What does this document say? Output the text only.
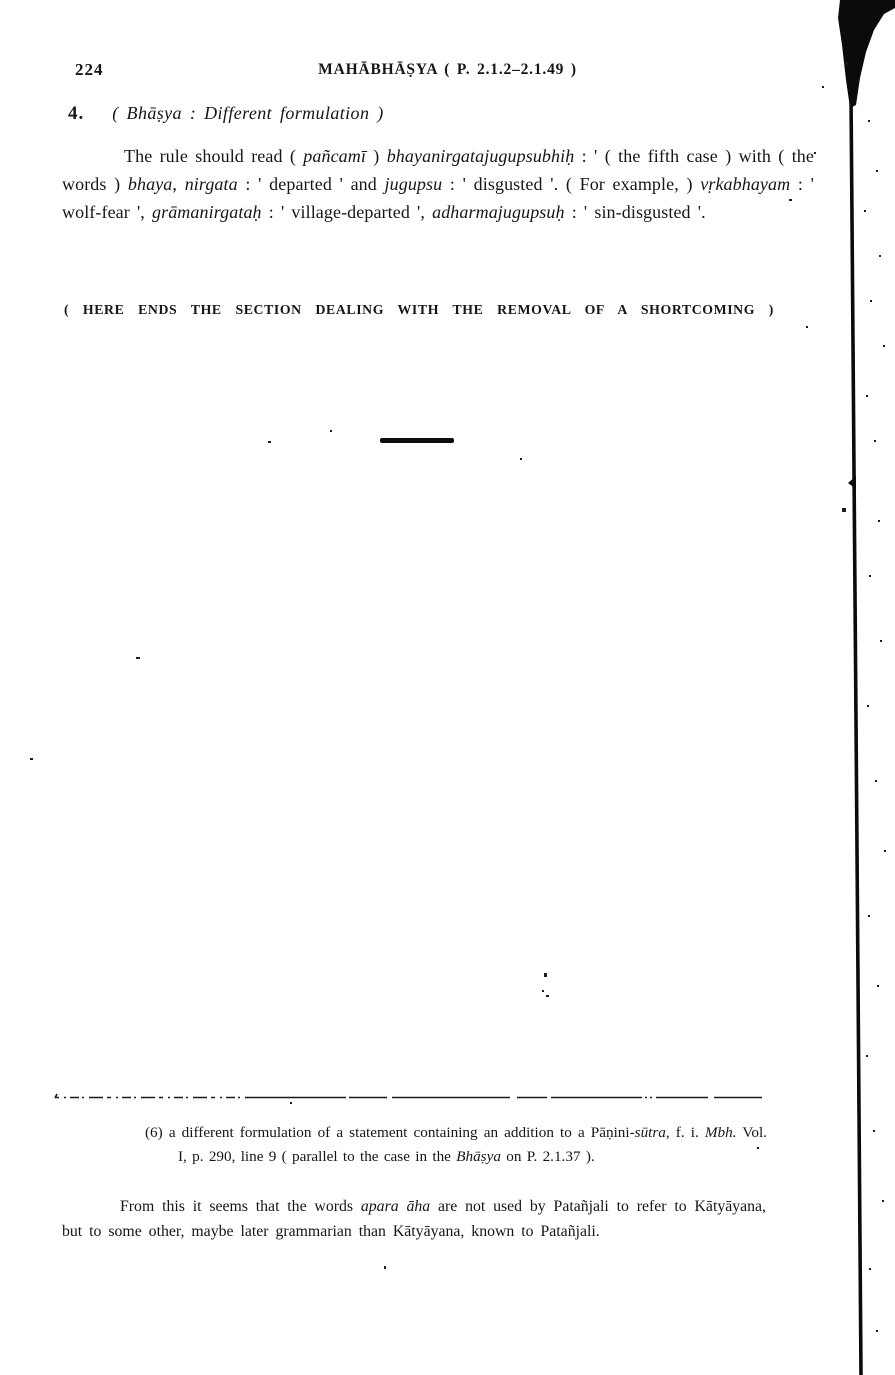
224	MAHĀBHĀṢYA ( P. 2.1.2–2.1.49 )
4. ( Bhāṣya : Different formulation )

The rule should read ( pañcamī ) bhayanirgatajugupsubhiḥ : ' ( the fifth case ) with ( the words ) bhaya, nirgata : ' departed ' and jugupsu : ' disgusted '. ( For example, ) vṛkabhayam : ' wolf-fear ', grāmanirgataḥ : ' village-departed ', adharmajugupsuḥ : ' sin-disgusted '.

( HERE ENDS THE SECTION DEALING WITH THE REMOVAL OF A SHORTCOMING )

(6) a different formulation of a statement containing an addition to a Pāṇini-sūtra, f. i. Mbh. Vol. I, p. 290, line 9 ( parallel to the case in the Bhāṣya on P. 2.1.37 ).

From this it seems that the words apara āha are not used by Patañjali to refer to Kātyāyana, but to some other, maybe later grammarian than Kātyāyana, known to Patañjali.
